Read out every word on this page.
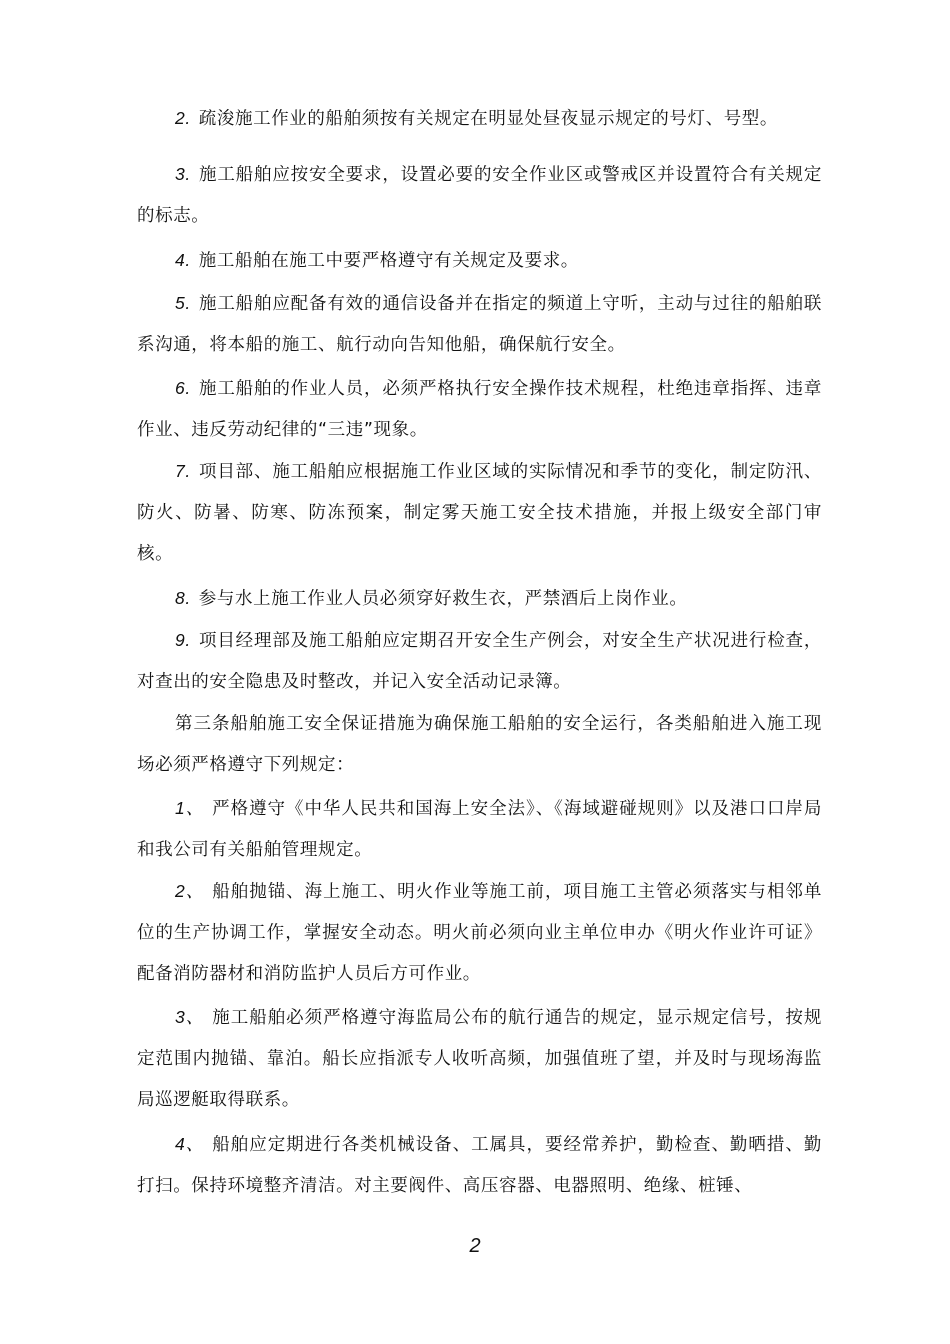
2. 疏浚施工作业的船舶须按有关规定在明显处昼夜显示规定的号灯、号型。

3. 施工船舶应按安全要求，设置必要的安全作业区或警戒区并设置符合有关规定的标志。

4. 施工船舶在施工中要严格遵守有关规定及要求。

5. 施工船舶应配备有效的通信设备并在指定的频道上守听，主动与过往的船舶联系沟通，将本船的施工、航行动向告知他船，确保航行安全。

6. 施工船舶的作业人员，必须严格执行安全操作技术规程，杜绝违章指挥、违章作业、违反劳动纪律的“三违”现象。

7. 项目部、施工船舶应根据施工作业区域的实际情况和季节的变化，制定防汛、防火、防暑、防寒、防冻预案，制定雾天施工安全技术措施，并报上级安全部门审核。

8. 参与水上施工作业人员必须穿好救生衣，严禁酒后上岗作业。

9. 项目经理部及施工船舶应定期召开安全生产例会，对安全生产状况进行检查，对查出的安全隐患及时整改，并记入安全活动记录簿。

第三条船舶施工安全保证措施为确保施工船舶的安全运行，各类船舶进入施工现场必须严格遵守下列规定：

1、 严格遵守《中华人民共和国海上安全法》、《海域避碰规则》以及港口口岸局和我公司有关船舶管理规定。

2、 船舶抛锚、海上施工、明火作业等施工前，项目施工主管必须落实与相邻单位的生产协调工作，掌握安全动态。明火前必须向业主单位申办《明火作业许可证》配备消防器材和消防监护人员后方可作业。

3、 施工船舶必须严格遵守海监局公布的航行通告的规定，显示规定信号，按规定范围内抛锚、靠泊。船长应指派专人收听高频，加强值班了望，并及时与现场海监局巡逻艇取得联系。

4、 船舶应定期进行各类机械设备、工属具，要经常养护，勤检查、勤晒措、勤打扫。保持环境整齐清洁。对主要阀件、高压容器、电器照明、绝缘、桩锤、

2
